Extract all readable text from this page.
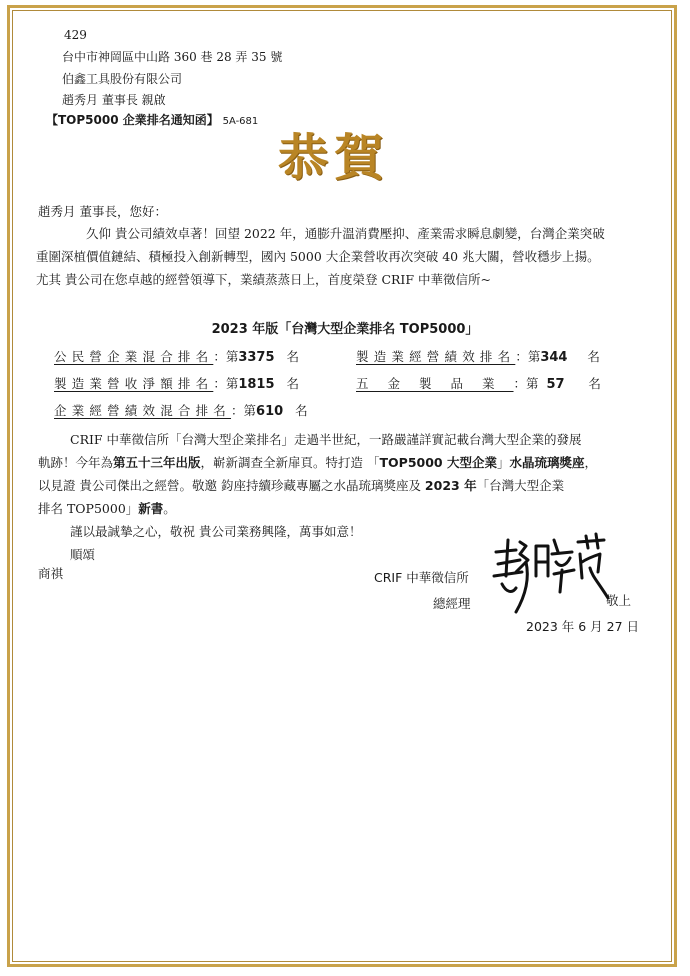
429
台中市神岡區中山路 360 巷 28 弄 35 號
伯鑫工具股份有限公司
趙秀月 董事長 親啟
【TOP5000 企業排名通知函】 5A-681
恭賀
趙秀月 董事長，您好：
久仰 貴公司績效卓著！回望 2022 年，通膨升溫消費壓抑、產業需求瞬息劇變，台灣企業突破
重圍深植價值鏈結、積極投入創新轉型，國內 5000 大企業營收再次突破 40 兆大關，營收穩步上揚。
尤其 貴公司在您卓越的經營領導下，業績蒸蒸日上，首度榮登 CRIF 中華徵信所~
2023 年版「台灣大型企業排名 TOP5000」
公民營企業混合排名：第3375 名	製造業經營績效排名：第344 名
製造業營收淨額排名：第1815 名	五金製品業：第 57 名
企業經營績效混合排名：第610 名
CRIF 中華徵信所「台灣大型企業排名」走過半世紀，一路嚴謹詳實記載台灣大型企業的發展
軌跡！今年為第五十三年出版，嶄新調查全新扉頁。特打造 「TOP5000 大型企業」水晶琉璃獎座，
以見證 貴公司傑出之經營。敬邀 鈞座持續珍藏專屬之水晶琉璃獎座及 2023 年「台灣大型企業
排名 TOP5000」新書。
謹以最誠摯之心，敬祝 貴公司業務興隆，萬事如意！
順頌
商祺	CRIF 中華徵信所
總經理	敬上
2023 年 6 月 27 日
